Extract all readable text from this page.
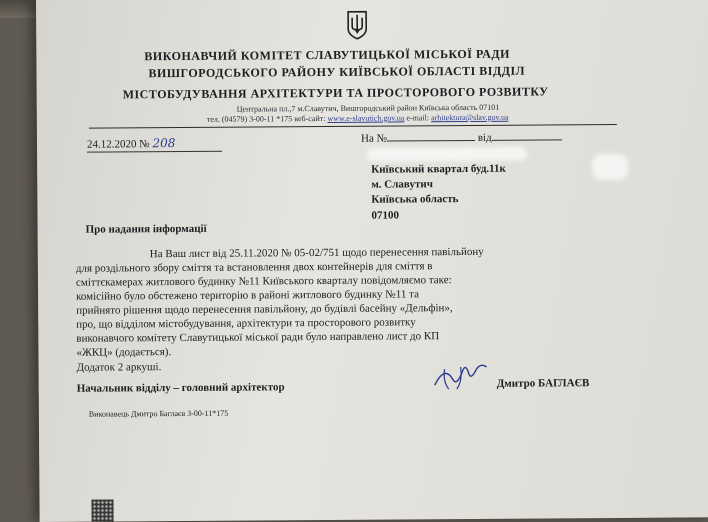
ВИКОНАВЧИЙ КОМІТЕТ СЛАВУТИЦЬКОЇ МІСЬКОЇ РАДИ
ВИШГОРОДСЬКОГО РАЙОНУ КИЇВСЬКОЇ ОБЛАСТІ ВІДДІЛ
МІСТОБУДУВАННЯ АРХІТЕКТУРИ ТА ПРОСТОРОВОГО РОЗВИТКУ
Центральна пл.,7 м.Славутич, Вишгородський район Київська область 07101
тел. (04579) 3-00-11 *175 веб-сайт: www.e-slavutich.gov.ua e-mail: arhitektura@slav.gov.ua
24.12.2020 № 208	На №	від
Київський квартал буд.11к
м. Славутич
Київська область
07100
Про надання інформації
На Ваш лист від 25.11.2020 № 05-02/751 щодо перенесення павільйону
для роздільного збору сміття та встановлення двох контейнерів для сміття в
сміттєкамерах житлового будинку №11 Київського кварталу повідомляємо таке:
комісійно було обстежено територію в районі житлового будинку №11 та
прийнято рішення щодо перенесення павільйону, до будівлі басейну «Дельфін»,
про, що відділом містобудування, архітектури та просторового розвитку
виконавчого комітету Славутицької міської ради було направлено лист до КП
«ЖКЦ» (додається).
Додаток 2 аркуші.
Начальник відділу – головний архітектор	Дмитро БАГЛАЄВ
Виконавець Дмитро Баглаєв 3-00-11*175
